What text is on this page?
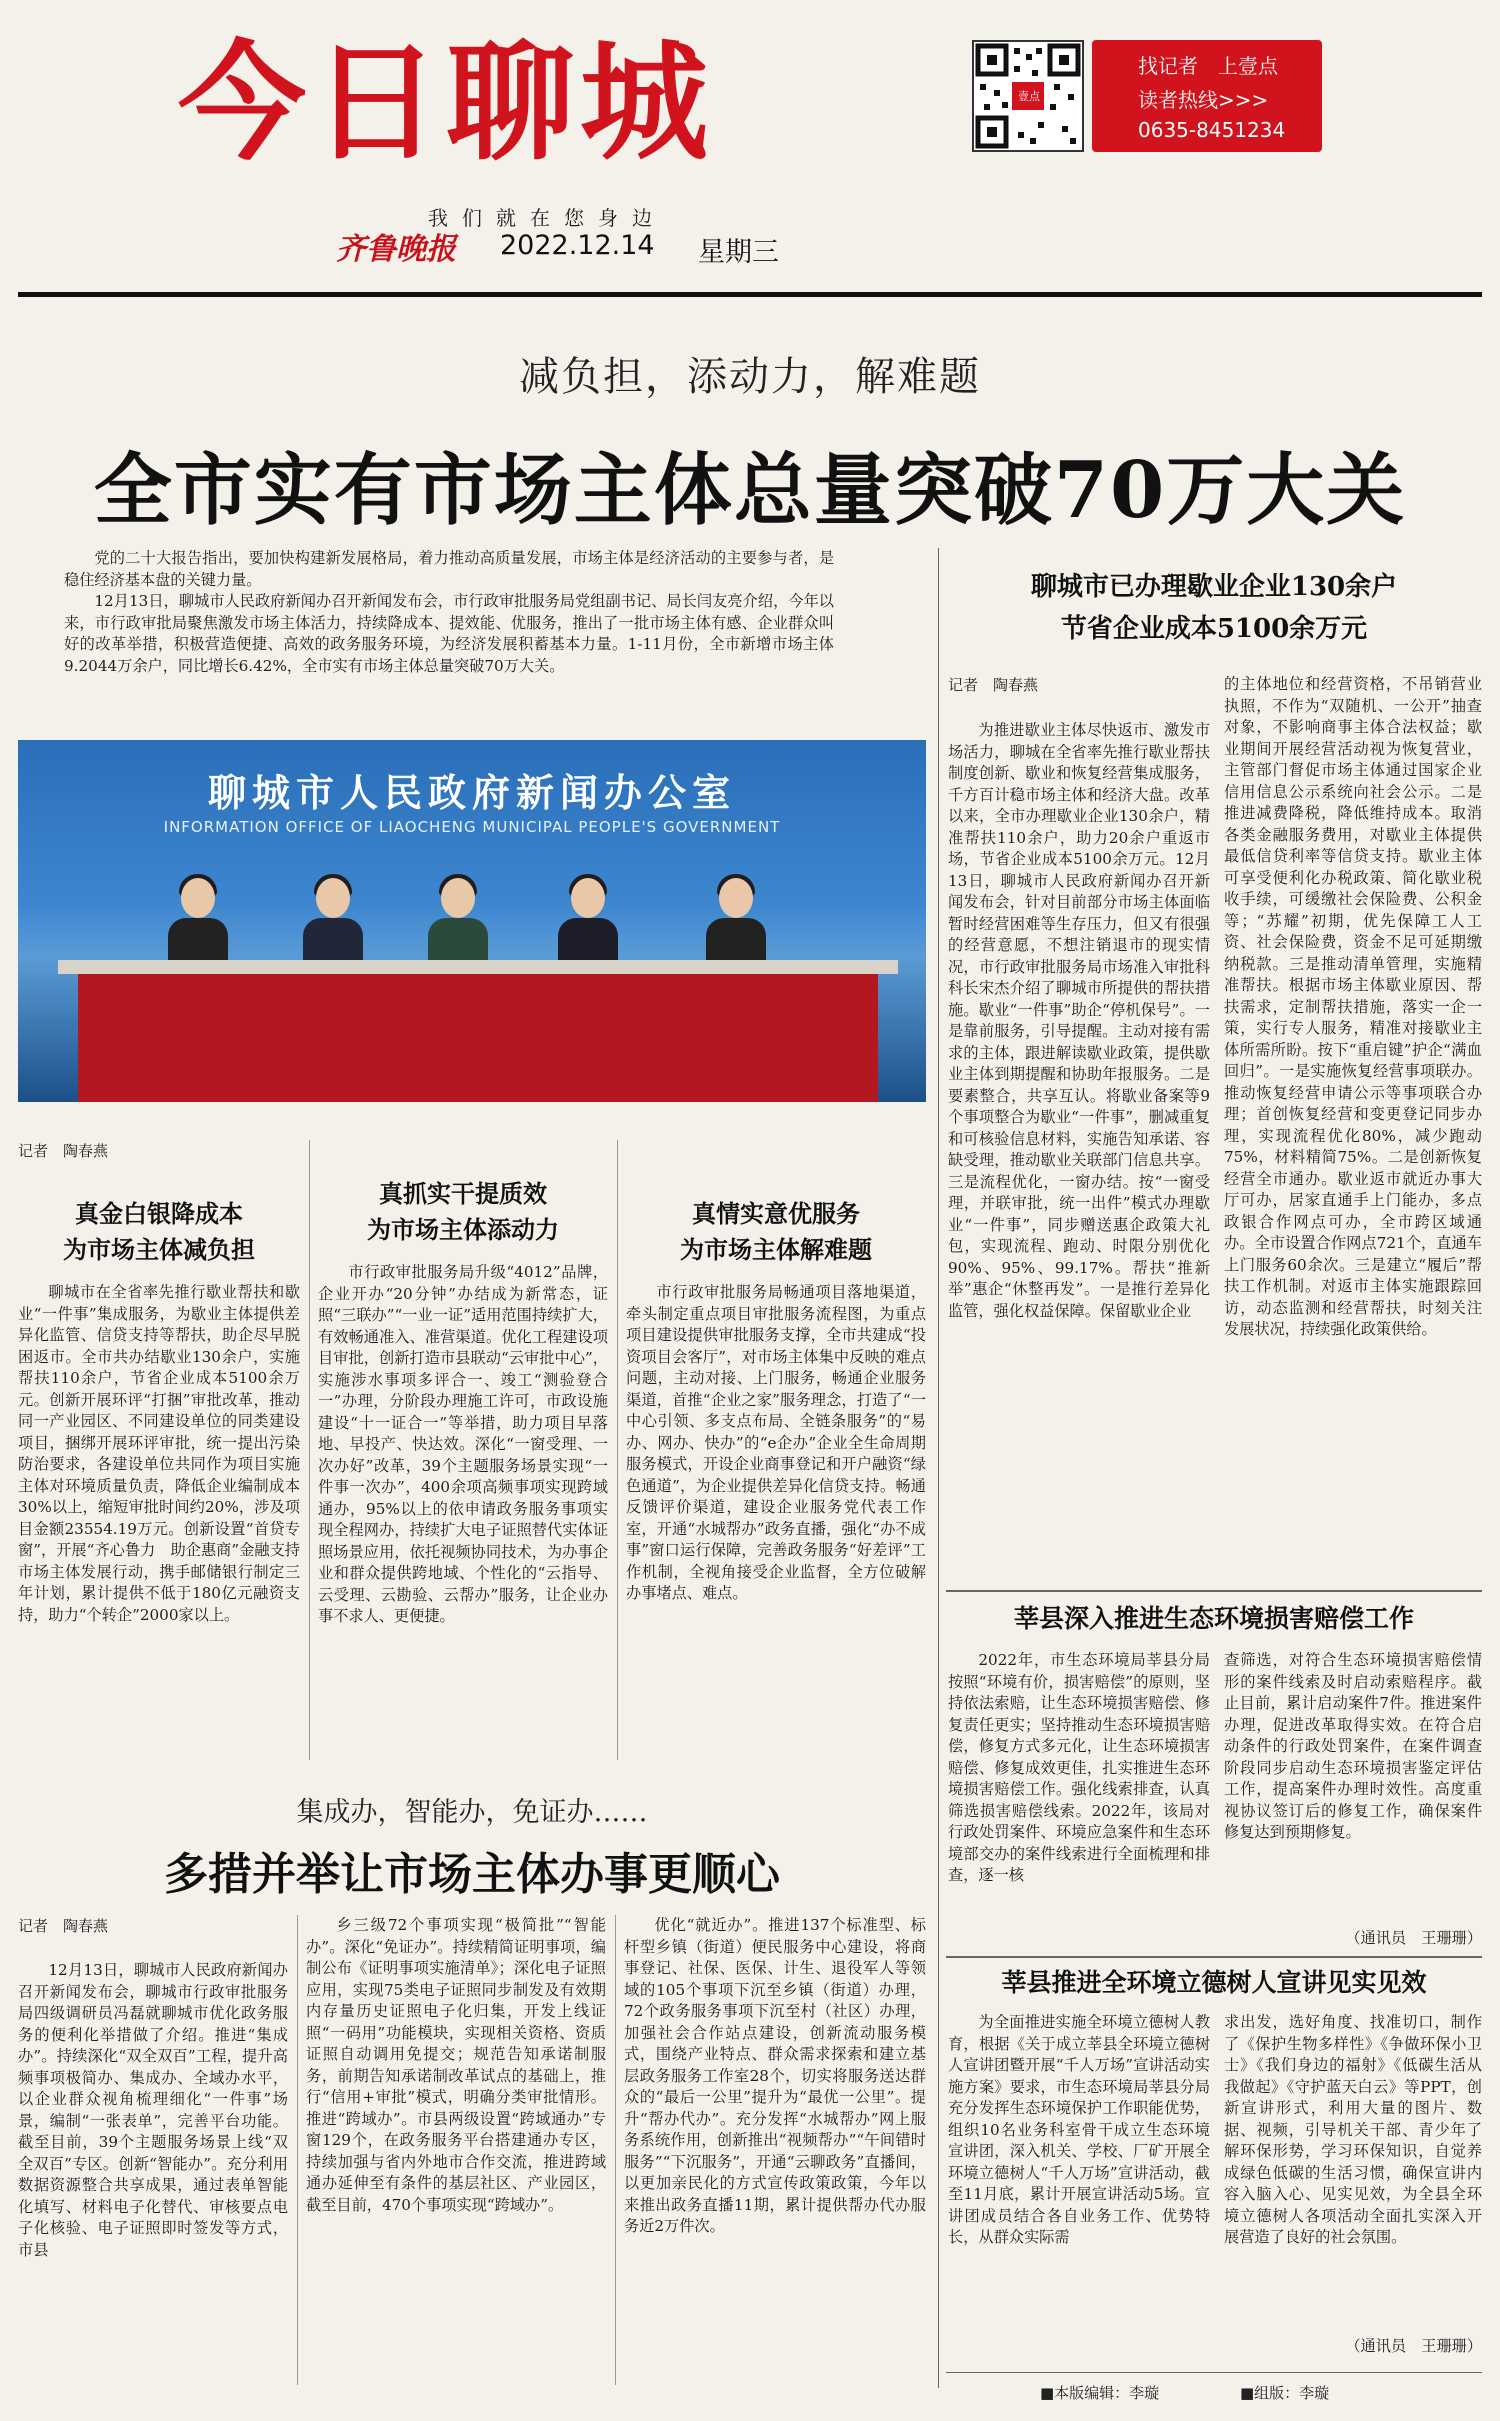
今日聊城	壹点
找记者　上壹点
读者热线>>>
0635-8451234
我们就在您身边
齐鲁晚报 2022.12.14 星期三
减负担，添动力，解难题
全市实有市场主体总量突破70万大关

党的二十大报告指出，要加快构建新发展格局，着力推动高质量发展，市场主体是经济活动的主要参与者，是稳住经济基本盘的关键力量。

12月13日，聊城市人民政府新闻办召开新闻发布会，市行政审批服务局党组副书记、局长闫友亮介绍，今年以来，市行政审批局聚焦激发市场主体活力，持续降成本、提效能、优服务，推出了一批市场主体有感、企业群众叫好的改革举措，积极营造便捷、高效的政务服务环境，为经济发展积蓄基本力量。1-11月份，全市新增市场主体9.2044万余户，同比增长6.42%，全市实有市场主体总量突破70万大关。

聊城市人民政府新闻办公室
INFORMATION OFFICE OF LIAOCHENG MUNICIPAL PEOPLE'S GOVERNMENT
记者　陶春燕
真金白银降成本
为市场主体减负担

聊城市在全省率先推行歇业帮扶和歇业“一件事”集成服务，为歇业主体提供差异化监管、信贷支持等帮扶，助企尽早脱困返市。全市共办结歇业130余户，实施帮扶110余户，节省企业成本5100余万元。创新开展环评“打捆”审批改革，推动同一产业园区、不同建设单位的同类建设项目，捆绑开展环评审批，统一提出污染防治要求，各建设单位共同作为项目实施主体对环境质量负责，降低企业编制成本30%以上，缩短审批时间约20%，涉及项目金额23554.19万元。创新设置“首贷专窗”，开展“齐心鲁力　助企惠商”金融支持市场主体发展行动，携手邮储银行制定三年计划，累计提供不低于180亿元融资支持，助力“个转企”2000家以上。

真抓实干提质效
为市场主体添动力

市行政审批服务局升级“4012”品牌，企业开办“20分钟”办结成为新常态，证照“三联办”“一业一证”适用范围持续扩大，有效畅通准入、准营渠道。优化工程建设项目审批，创新打造市县联动“云审批中心”，实施涉水事项多评合一、竣工“测验登合一”办理，分阶段办理施工许可，市政设施建设“十一证合一”等举措，助力项目早落地、早投产、快达效。深化“一窗受理、一次办好”改革，39个主题服务场景实现“一件事一次办”，400余项高频事项实现跨域通办，95%以上的依申请政务服务事项实现全程网办，持续扩大电子证照替代实体证照场景应用，依托视频协同技术，为办事企业和群众提供跨地域、个性化的“云指导、云受理、云勘验、云帮办”服务，让企业办事不求人、更便捷。

真情实意优服务
为市场主体解难题

市行政审批服务局畅通项目落地渠道，牵头制定重点项目审批服务流程图，为重点项目建设提供审批服务支撑，全市共建成“投资项目会客厅”，对市场主体集中反映的难点问题，主动对接、上门服务，畅通企业服务渠道，首推“企业之家”服务理念，打造了“一中心引领、多支点布局、全链条服务”的“易办、网办、快办”的“e企办”企业全生命周期服务模式，开设企业商事登记和开户融资“绿色通道”，为企业提供差异化信贷支持。畅通反馈评价渠道，建设企业服务党代表工作室，开通“水城帮办”政务直播，强化“办不成事”窗口运行保障，完善政务服务“好差评”工作机制，全视角接受企业监督，全方位破解办事堵点、难点。

集成办，智能办，免证办……
多措并举让市场主体办事更顺心
记者　陶春燕

12月13日，聊城市人民政府新闻办召开新闻发布会，聊城市行政审批服务局四级调研员冯磊就聊城市优化政务服务的便利化举措做了介绍。推进“集成办”。持续深化“双全双百”工程，提升高频事项极简办、集成办、全域办水平，以企业群众视角梳理细化“一件事”场景，编制“一张表单”，完善平台功能。截至目前，39个主题服务场景上线“双全双百”专区。创新“智能办”。充分利用数据资源整合共享成果，通过表单智能化填写、材料电子化替代、审核要点电子化核验、电子证照即时签发等方式，市县

乡三级72个事项实现“极简批”“智能办”。深化“免证办”。持续精简证明事项，编制公布《证明事项实施清单》；深化电子证照应用，实现75类电子证照同步制发及有效期内存量历史证照电子化归集，开发上线证照“一码用”功能模块，实现相关资格、资质证照自动调用免提交；规范告知承诺制服务，前期告知承诺制改革试点的基础上，推行“信用+审批”模式，明确分类审批情形。推进“跨域办”。市县两级设置“跨域通办”专窗129个，在政务服务平台搭建通办专区，持续加强与省内外地市合作交流，推进跨域通办延伸至有条件的基层社区、产业园区，截至目前，470个事项实现“跨域办”。

优化“就近办”。推进137个标准型、标杆型乡镇（街道）便民服务中心建设，将商事登记、社保、医保、计生、退役军人等领域的105个事项下沉至乡镇（街道）办理，72个政务服务事项下沉至村（社区）办理，加强社会合作站点建设，创新流动服务模式，围绕产业特点、群众需求探索和建立基层政务服务工作室28个，切实将服务送达群众的“最后一公里”提升为“最优一公里”。提升“帮办代办”。充分发挥“水城帮办”网上服务系统作用，创新推出“视频帮办”“午间错时服务”“下沉服务”，开通“云聊政务”直播间，以更加亲民化的方式宣传政策政策，今年以来推出政务直播11期，累计提供帮办代办服务近2万件次。

聊城市已办理歇业企业130余户
节省企业成本5100余万元
记者　陶春燕

为推进歇业主体尽快返市、激发市场活力，聊城在全省率先推行歇业帮扶制度创新、歇业和恢复经营集成服务，千方百计稳市场主体和经济大盘。改革以来，全市办理歇业企业130余户，精准帮扶110余户，助力20余户重返市场，节省企业成本5100余万元。12月13日，聊城市人民政府新闻办召开新闻发布会，针对目前部分市场主体面临暂时经营困难等生存压力，但又有很强的经营意愿，不想注销退市的现实情况，市行政审批服务局市场准入审批科科长宋杰介绍了聊城市所提供的帮扶措施。歇业“一件事”助企“停机保号”。一是靠前服务，引导提醒。主动对接有需求的主体，跟进解读歇业政策，提供歇业主体到期提醒和协助年报服务。二是要素整合，共享互认。将歇业备案等9个事项整合为歇业“一件事”，删减重复和可核验信息材料，实施告知承诺、容缺受理，推动歇业关联部门信息共享。三是流程优化，一窗办结。按“一窗受理，并联审批，统一出件”模式办理歇业“一件事”，同步赠送惠企政策大礼包，实现流程、跑动、时限分别优化90%、95%、99.17%。帮扶“推新举”惠企“休整再发”。一是推行差异化监管，强化权益保障。保留歇业企业

的主体地位和经营资格，不吊销营业执照，不作为“双随机、一公开”抽查对象，不影响商事主体合法权益；歇业期间开展经营活动视为恢复营业，主管部门督促市场主体通过国家企业信用信息公示系统向社会公示。二是推进减费降税，降低维持成本。取消各类金融服务费用，对歇业主体提供最低信贷利率等信贷支持。歇业主体可享受便利化办税政策、简化歇业税收手续，可缓缴社会保险费、公积金等；“苏耀”初期，优先保障工人工资、社会保险费，资金不足可延期缴纳税款。三是推动清单管理，实施精准帮扶。根据市场主体歇业原因、帮扶需求，定制帮扶措施，落实一企一策，实行专人服务，精准对接歇业主体所需所盼。按下“重启键”护企“满血回归”。一是实施恢复经营事项联办。推动恢复经营申请公示等事项联合办理；首创恢复经营和变更登记同步办理，实现流程优化80%，减少跑动75%，材料精简75%。二是创新恢复经营全市通办。歇业返市就近办事大厅可办，居家直通手上门能办，多点政银合作网点可办，全市跨区域通办。全市设置合作网点721个，直通车上门服务60余次。三是建立“履后”帮扶工作机制。对返市主体实施跟踪回访，动态监测和经营帮扶，时刻关注发展状况，持续强化政策供给。

莘县深入推进生态环境损害赔偿工作

2022年，市生态环境局莘县分局按照“环境有价，损害赔偿”的原则，坚持依法索赔，让生态环境损害赔偿、修复责任更实；坚持推动生态环境损害赔偿，修复方式多元化，让生态环境损害赔偿、修复成效更佳，扎实推进生态环境损害赔偿工作。强化线索排查，认真筛选损害赔偿线索。2022年，该局对行政处罚案件、环境应急案件和生态环境部交办的案件线索进行全面梳理和排查，逐一核

查筛选，对符合生态环境损害赔偿情形的案件线索及时启动索赔程序。截止目前，累计启动案件7件。推进案件办理，促进改革取得实效。在符合启动条件的行政处罚案件，在案件调查阶段同步启动生态环境损害鉴定评估工作，提高案件办理时效性。高度重视协议签订后的修复工作，确保案件修复达到预期修复。

（通讯员　王珊珊）
莘县推进全环境立德树人宣讲见实见效

为全面推进实施全环境立德树人教育，根据《关于成立莘县全环境立德树人宣讲团暨开展“千人万场”宣讲活动实施方案》要求，市生态环境局莘县分局充分发挥生态环境保护工作职能优势，组织10名业务科室骨干成立生态环境宣讲团，深入机关、学校、厂矿开展全环境立德树人“千人万场”宣讲活动，截至11月底，累计开展宣讲活动5场。宣讲团成员结合各自业务工作、优势特长，从群众实际需

求出发，选好角度、找准切口，制作了《保护生物多样性》《争做环保小卫士》《我们身边的福射》《低碳生活从我做起》《守护蓝天白云》等PPT，创新宣讲形式，利用大量的图片、数据、视频，引导机关干部、青少年了解环保形势，学习环保知识，自觉养成绿色低碳的生活习惯，确保宣讲内容入脑入心、见实见效，为全县全环境立德树人各项活动全面扎实深入开展营造了良好的社会氛围。

（通讯员　王珊珊）
■本版编辑：李璇	■组版：李璇
